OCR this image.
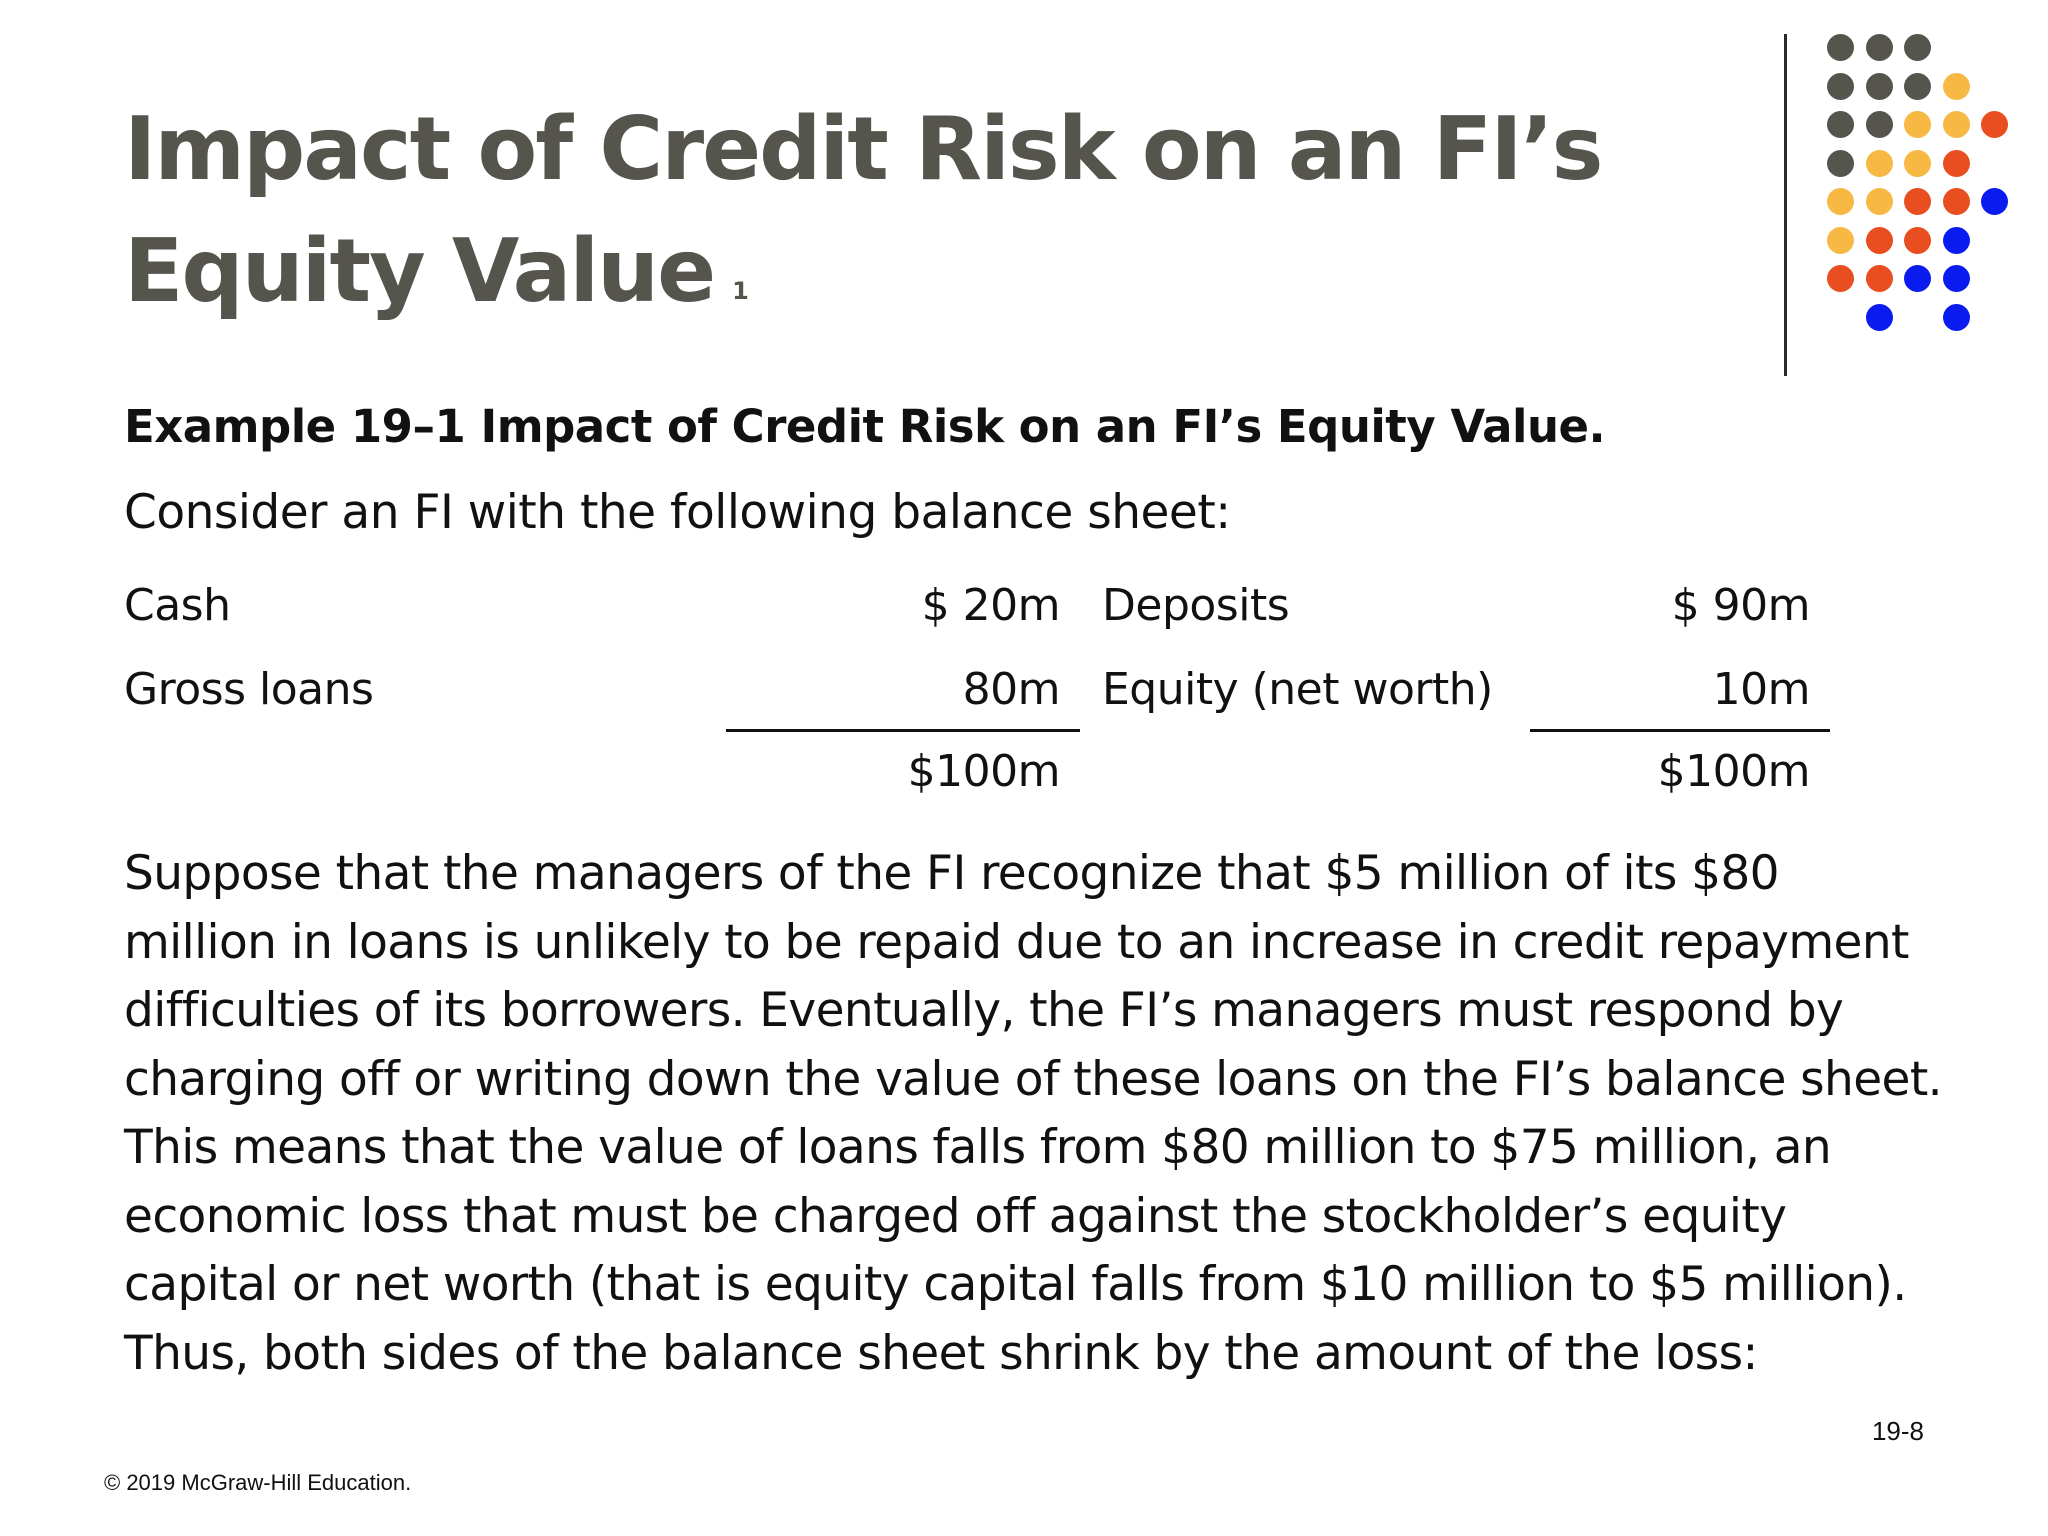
Impact of Credit Risk on an FI’s Equity Value $^1$
Example 19–1 Impact of Credit Risk on an FI’s Equity Value.
Consider an FI with the following balance sheet:
Cash	$ 20m Deposits	$ 90m
Gross loans	80m Equity (net worth)	10m
$100m	$100m
Suppose that the managers of the FI recognize that $5 million of its $80 million in loans is unlikely to be repaid due to an increase in credit repayment difficulties of its borrowers. Eventually, the FI’s managers must respond by charging off or writing down the value of these loans on the FI’s balance sheet. This means that the value of loans falls from $80 million to $75 million, an economic loss that must be charged off against the stockholder’s equity capital or net worth (that is equity capital falls from $10 million to $5 million). Thus, both sides of the balance sheet shrink by the amount of the loss:
19-8
© 2019 McGraw-Hill Education.
